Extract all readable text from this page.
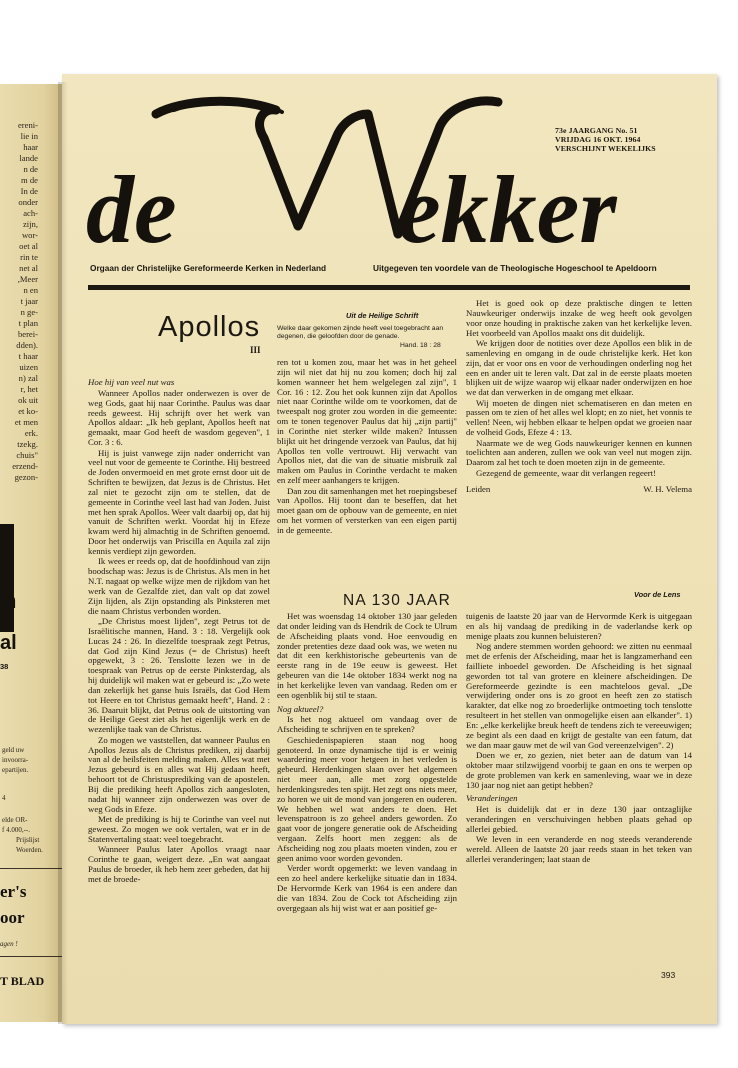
ereni-
lie in
haar
lande
n de
m de
In de
onder
ach-
zijn,
wor-
oet al
rin te
net al
,Meer
n en
t jaar
n ge-
t plan
berei-
dden).
t haar
uizen
n) zal
r, het
ok uit
et ko-
et men
erk.
tzekg.
chuis"
erzend-
gezon-
n
al
38
geld uw
invoorra-
epartijen.
4
elde OR-
f 4.000,--.
Prijslijst
Woerden.
er's
oor
agen !
T BLAD
de ekker
73e JAARGANG No. 51
VRIJDAG 16 OKT. 1964
VERSCHIJNT WEKELIJKS
Orgaan der Christelijke Gereformeerde Kerken in Nederland	Uitgegeven ten voordele van de Theologische Hogeschool te Apeldoorn
Apollos
III
Uit de Heilige Schrift
Welke daar gekomen zijnde heeft veel toegebracht aan degenen, die geloofden door de genade.
Hand. 18 : 28
Hoe hij van veel nut was

Wanneer Apollos nader onderwezen is over de weg Gods, gaat hij naar Corinthe. Paulus was daar reeds geweest. Hij schrijft over het werk van Apollos aldaar: „Ik heb geplant, Apollos heeft nat gemaakt, maar God heeft de wasdom gegeven", 1 Cor. 3 : 6.

Hij is juist vanwege zijn nader onderricht van veel nut voor de gemeente te Corinthe. Hij bestreed de Joden onvermoeid en met grote ernst door uit de Schriften te bewijzen, dat Jezus is de Christus. Het zal niet te gezocht zijn om te stellen, dat de gemeente in Corinthe veel last had van Joden. Juist met hen sprak Apollos. Weer valt daarbij op, dat hij vanuit de Schriften werkt. Voordat hij in Efeze kwam werd hij almachtig in de Schriften genoemd. Door het onderwijs van Priscilla en Aquila zal zijn kennis verdiept zijn geworden.

Ik wees er reeds op, dat de hoofdinhoud van zijn boodschap was: Jezus is de Christus. Als men in het N.T. nagaat op welke wijze men de rijkdom van het werk van de Gezalfde ziet, dan valt op dat zowel Zijn lijden, als Zijn opstanding als Pinksteren met die naam Christus verbonden worden.

„De Christus moest lijden", zegt Petrus tot de Israëlitische mannen, Hand. 3 : 18. Vergelijk ook Lucas 24 : 26. In diezelfde toespraak zegt Petrus, dat God zijn Kind Jezus (= de Christus) heeft opgewekt, 3 : 26. Tenslotte lezen we in de toespraak van Petrus op de eerste Pinksterdag, als hij duidelijk wil maken wat er gebeurd is: „Zo wete dan zekerlijk het ganse huis Israëls, dat God Hem tot Heere en tot Christus gemaakt heeft", Hand. 2 : 36. Daaruit blijkt, dat Petrus ook de uitstorting van de Heilige Geest ziet als het eigenlijk werk en de wezenlijke taak van de Christus.

Zo mogen we vaststellen, dat wanneer Paulus en Apollos Jezus als de Christus prediken, zij daarbij van al de heilsfeiten melding maken. Alles wat met Jezus gebeurd is en alles wat Hij gedaan heeft, behoort tot de Christusprediking van de apostelen. Bij die prediking heeft Apollos zich aangesloten, nadat hij wanneer zijn onderwezen was over de weg Gods in Efeze.

Met de prediking is hij te Corinthe van veel nut geweest. Zo mogen we ook vertalen, wat er in de Statenvertaling staat: veel toegebracht.

Wanneer Paulus later Apollos vraagt naar Corinthe te gaan, weigert deze. „En wat aangaat Paulus de broeder, ik heb hem zeer gebeden, dat hij met de broede-

ren tot u komen zou, maar het was in het geheel zijn wil niet dat hij nu zou komen; doch hij zal komen wanneer het hem welgelegen zal zijn", 1 Cor. 16 : 12. Zou het ook kunnen zijn dat Apollos niet naar Corinthe wilde om te voorkomen, dat de tweespalt nog groter zou worden in die gemeente: om te tonen tegenover Paulus dat hij „zijn partij" in Corinthe niet sterker wilde maken? Intussen blijkt uit het dringende verzoek van Paulus, dat hij Apollos ten volle vertrouwt. Hij verwacht van Apollos niet, dat die van de situatie misbruik zal maken om Paulus in Corinthe verdacht te maken en zelf meer aanhangers te krijgen.

Dan zou dit samenhangen met het roepingsbesef van Apollos. Hij toont dan te beseffen, dat het moet gaan om de opbouw van de gemeente, en niet om het vormen of versterken van een eigen partij in de gemeente.

Het is goed ook op deze praktische dingen te letten Nauwkeuriger onderwijs inzake de weg heeft ook gevolgen voor onze houding in praktische zaken van het kerkelijke leven. Het voorbeeld van Apollos maakt ons dit duidelijk.

We krijgen door de notities over deze Apollos een blik in de samenleving en omgang in de oude christelijke kerk. Het kon zijn, dat er voor ons en voor de verhoudingen onderling nog het een en ander uit te leren valt. Dat zal in de eerste plaats moeten blijken uit de wijze waarop wij elkaar nader onderwijzen en hoe we dat dan verwerken in de omgang met elkaar.

Wij moeten de dingen niet schematiseren en dan meten en passen om te zien of het alles wel klopt; en zo niet, het vonnis te vellen! Neen, wij hebben elkaar te helpen opdat we groeien naar de volheid Gods, Efeze 4 : 13.

Naarmate we de weg Gods nauwkeuriger kennen en kunnen toelichten aan anderen, zullen we ook van veel nut mogen zijn. Daarom zal het toch te doen moeten zijn in de gemeente.

Gezegend de gemeente, waar dit verlangen regeert!

Leiden	W. H. Velema
NA 130 JAAR	Voor de Lens

Het was woensdag 14 oktober 130 jaar geleden dat onder leiding van ds Hendrik de Cock te Ulrum de Afscheiding plaats vond. Hoe eenvoudig en zonder pretenties deze daad ook was, we weten nu dat dit een kerkhistorische gebeurtenis van de eerste rang in de 19e eeuw is geweest. Het gebeuren van die 14e oktober 1834 werkt nog na in het kerkelijke leven van vandaag. Reden om er een ogenblik bij stil te staan.

Nog aktueel?

Is het nog aktueel om vandaag over de Afscheiding te schrijven en te spreken?

Geschiedenispapieren staan nog hoog genoteerd. In onze dynamische tijd is er weinig waardering meer voor hetgeen in het verleden is gebeurd. Herdenkingen slaan over het algemeen niet meer aan, alle met zorg opgestelde herdenkingsredes ten spijt. Het zegt ons niets meer, zo horen we uit de mond van jongeren en ouderen. We hebben wel wat anders te doen. Het levenspatroon is zo geheel anders geworden. Zo gaat voor de jongere generatie ook de Afscheiding vergaan. Zelfs hoort men zeggen: als de Afscheiding nog zou plaats moeten vinden, zou er geen animo voor worden gevonden.

Verder wordt opgemerkt: we leven vandaag in een zo heel andere kerkelijke situatie dan in 1834. De Hervormde Kerk van 1964 is een andere dan die van 1834. Zou de Cock tot Afscheiding zijn overgegaan als hij wist wat er aan positief ge-

tuigenis de laatste 20 jaar van de Hervormde Kerk is uitgegaan en als hij vandaag de prediking in de vaderlandse kerk op menige plaats zou kunnen beluisteren?

Nog andere stemmen worden gehoord: we zitten nu eenmaal met de erfenis der Afscheiding, maar het is langzamerhand een failliete inboedel geworden. De Afscheiding is het signaal geworden tot tal van grotere en kleinere afscheidingen. De Gereformeerde gezindte is een machteloos geval. „De verwijdering onder ons is zo groot en heeft zen zo statisch karakter, dat elke nog zo broederlijke ontmoeting toch tenslotte resulteert in het stellen van onmogelijke eisen aan elkander". 1) En: „elke kerkelijke breuk heeft de tendens zich te vereeuwigen; ze begint als een daad en krijgt de gestalte van een fatum, dat we dan maar gauw met de wil van God vereenzelvigen". 2)

Doen we er, zo gezien, niet beter aan de datum van 14 oktober maar stilzwijgend voorbij te gaan en ons te werpen op de grote problemen van kerk en samenleving, waar we in deze 130 jaar nog niet aan getipt hebben?

Veranderingen

Het is duidelijk dat er in deze 130 jaar ontzaglijke veranderingen en verschuivingen hebben plaats gehad op allerlei gebied.

We leven in een veranderde en nog steeds veranderende wereld. Alleen de laatste 20 jaar reeds staan in het teken van allerlei veranderingen; laat staan de

393
